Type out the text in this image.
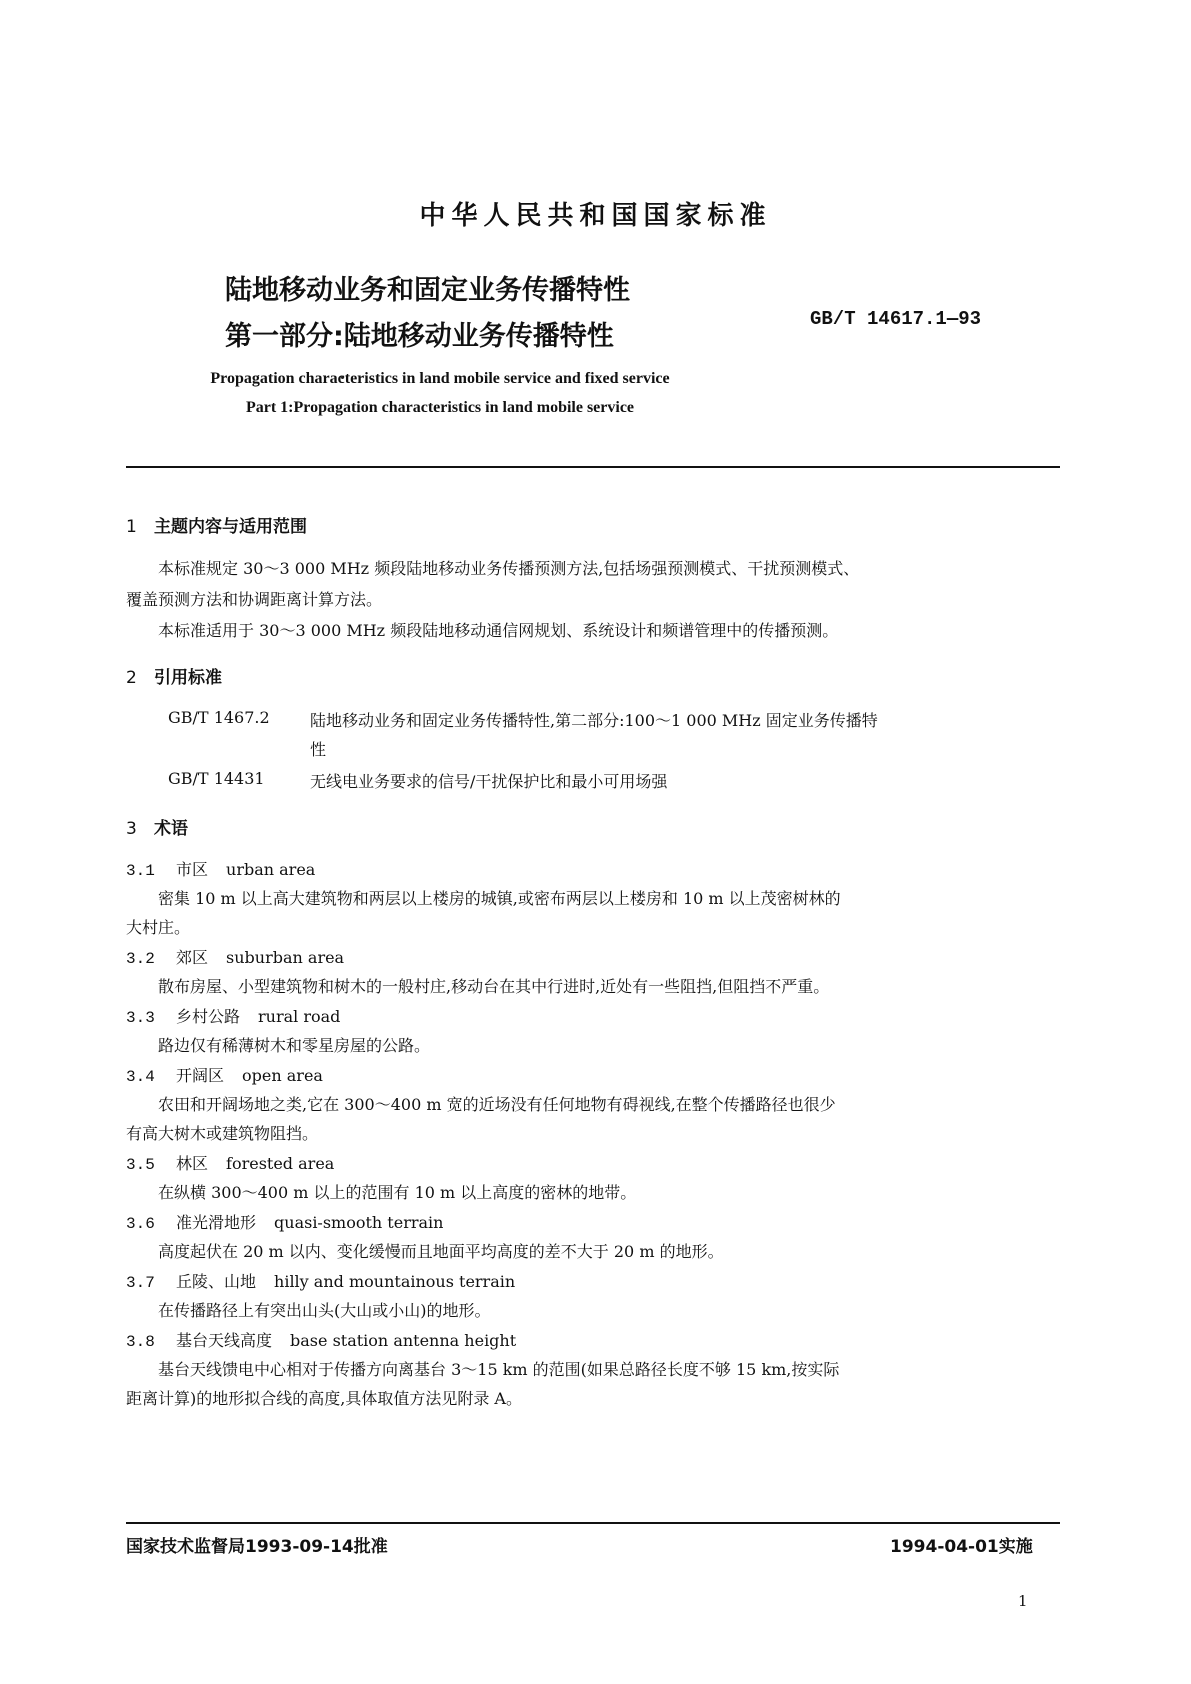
中华人民共和国国家标准
陆地移动业务和固定业务传播特性
第一部分:陆地移动业务传播特性
GB/T 14617.1—93
Propagation characteristics in land mobile service and fixed service
Part 1:Propagation characteristics in land mobile service
1 主题内容与适用范围
本标准规定 30～3 000 MHz 频段陆地移动业务传播预测方法,包括场强预测模式、干扰预测模式、
覆盖预测方法和协调距离计算方法。
本标准适用于 30～3 000 MHz 频段陆地移动通信网规划、系统设计和频谱管理中的传播预测。
2 引用标准
GB/T 1467.2	陆地移动业务和固定业务传播特性,第二部分:100～1 000 MHz 固定业务传播特
性
GB/T 14431	无线电业务要求的信号/干扰保护比和最小可用场强
3 术语
3.1 市区 urban area
密集 10 m 以上高大建筑物和两层以上楼房的城镇,或密布两层以上楼房和 10 m 以上茂密树林的
大村庄。
3.2 郊区 suburban area
散布房屋、小型建筑物和树木的一般村庄,移动台在其中行进时,近处有一些阻挡,但阻挡不严重。
3.3 乡村公路 rural road
路边仅有稀薄树木和零星房屋的公路。
3.4 开阔区 open area
农田和开阔场地之类,它在 300～400 m 宽的近场没有任何地物有碍视线,在整个传播路径也很少
有高大树木或建筑物阻挡。
3.5 林区 forested area
在纵横 300～400 m 以上的范围有 10 m 以上高度的密林的地带。
3.6 准光滑地形 quasi-smooth terrain
高度起伏在 20 m 以内、变化缓慢而且地面平均高度的差不大于 20 m 的地形。
3.7 丘陵、山地 hilly and mountainous terrain
在传播路径上有突出山头(大山或小山)的地形。
3.8 基台天线高度 base station antenna height
基台天线馈电中心相对于传播方向离基台 3～15 km 的范围(如果总路径长度不够 15 km,按实际
距离计算)的地形拟合线的高度,具体取值方法见附录 A。
国家技术监督局1993-09-14批准	1994-04-01实施
1
